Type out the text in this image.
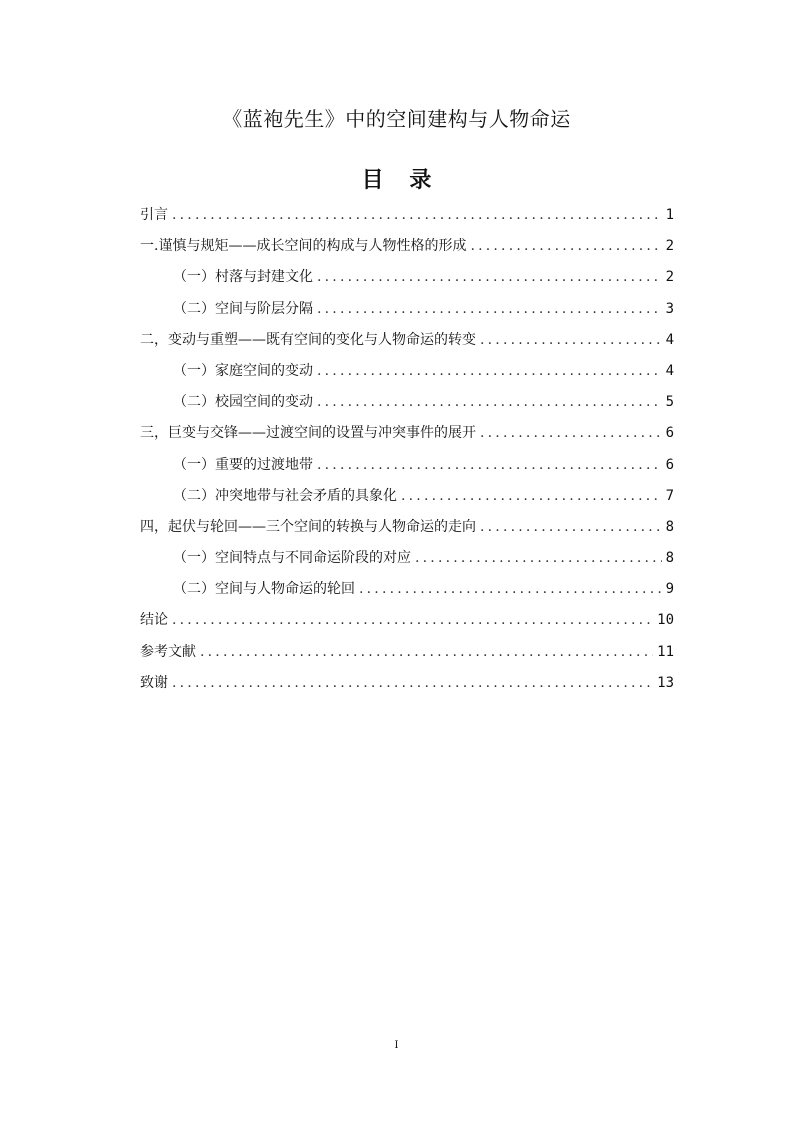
《蓝袍先生》中的空间建构与人物命运
目 录
引言 .....	1
一.谨慎与规矩——成长空间的构成与人物性格的形成 .....	2
（一）村落与封建文化 .....	2
（二）空间与阶层分隔 .....	3
二，变动与重塑——既有空间的变化与人物命运的转变 .....	4
（一）家庭空间的变动 .....	4
（二）校园空间的变动 .....	5
三，巨变与交锋——过渡空间的设置与冲突事件的展开 .....	6
（一）重要的过渡地带 .....	6
（二）冲突地带与社会矛盾的具象化 .....	7
四，起伏与轮回——三个空间的转换与人物命运的走向 .....	8
（一）空间特点与不同命运阶段的对应 .....	8
（二）空间与人物命运的轮回 .....	9
结论 .....	10
参考文献 .....	11
致谢 .....	13
I
